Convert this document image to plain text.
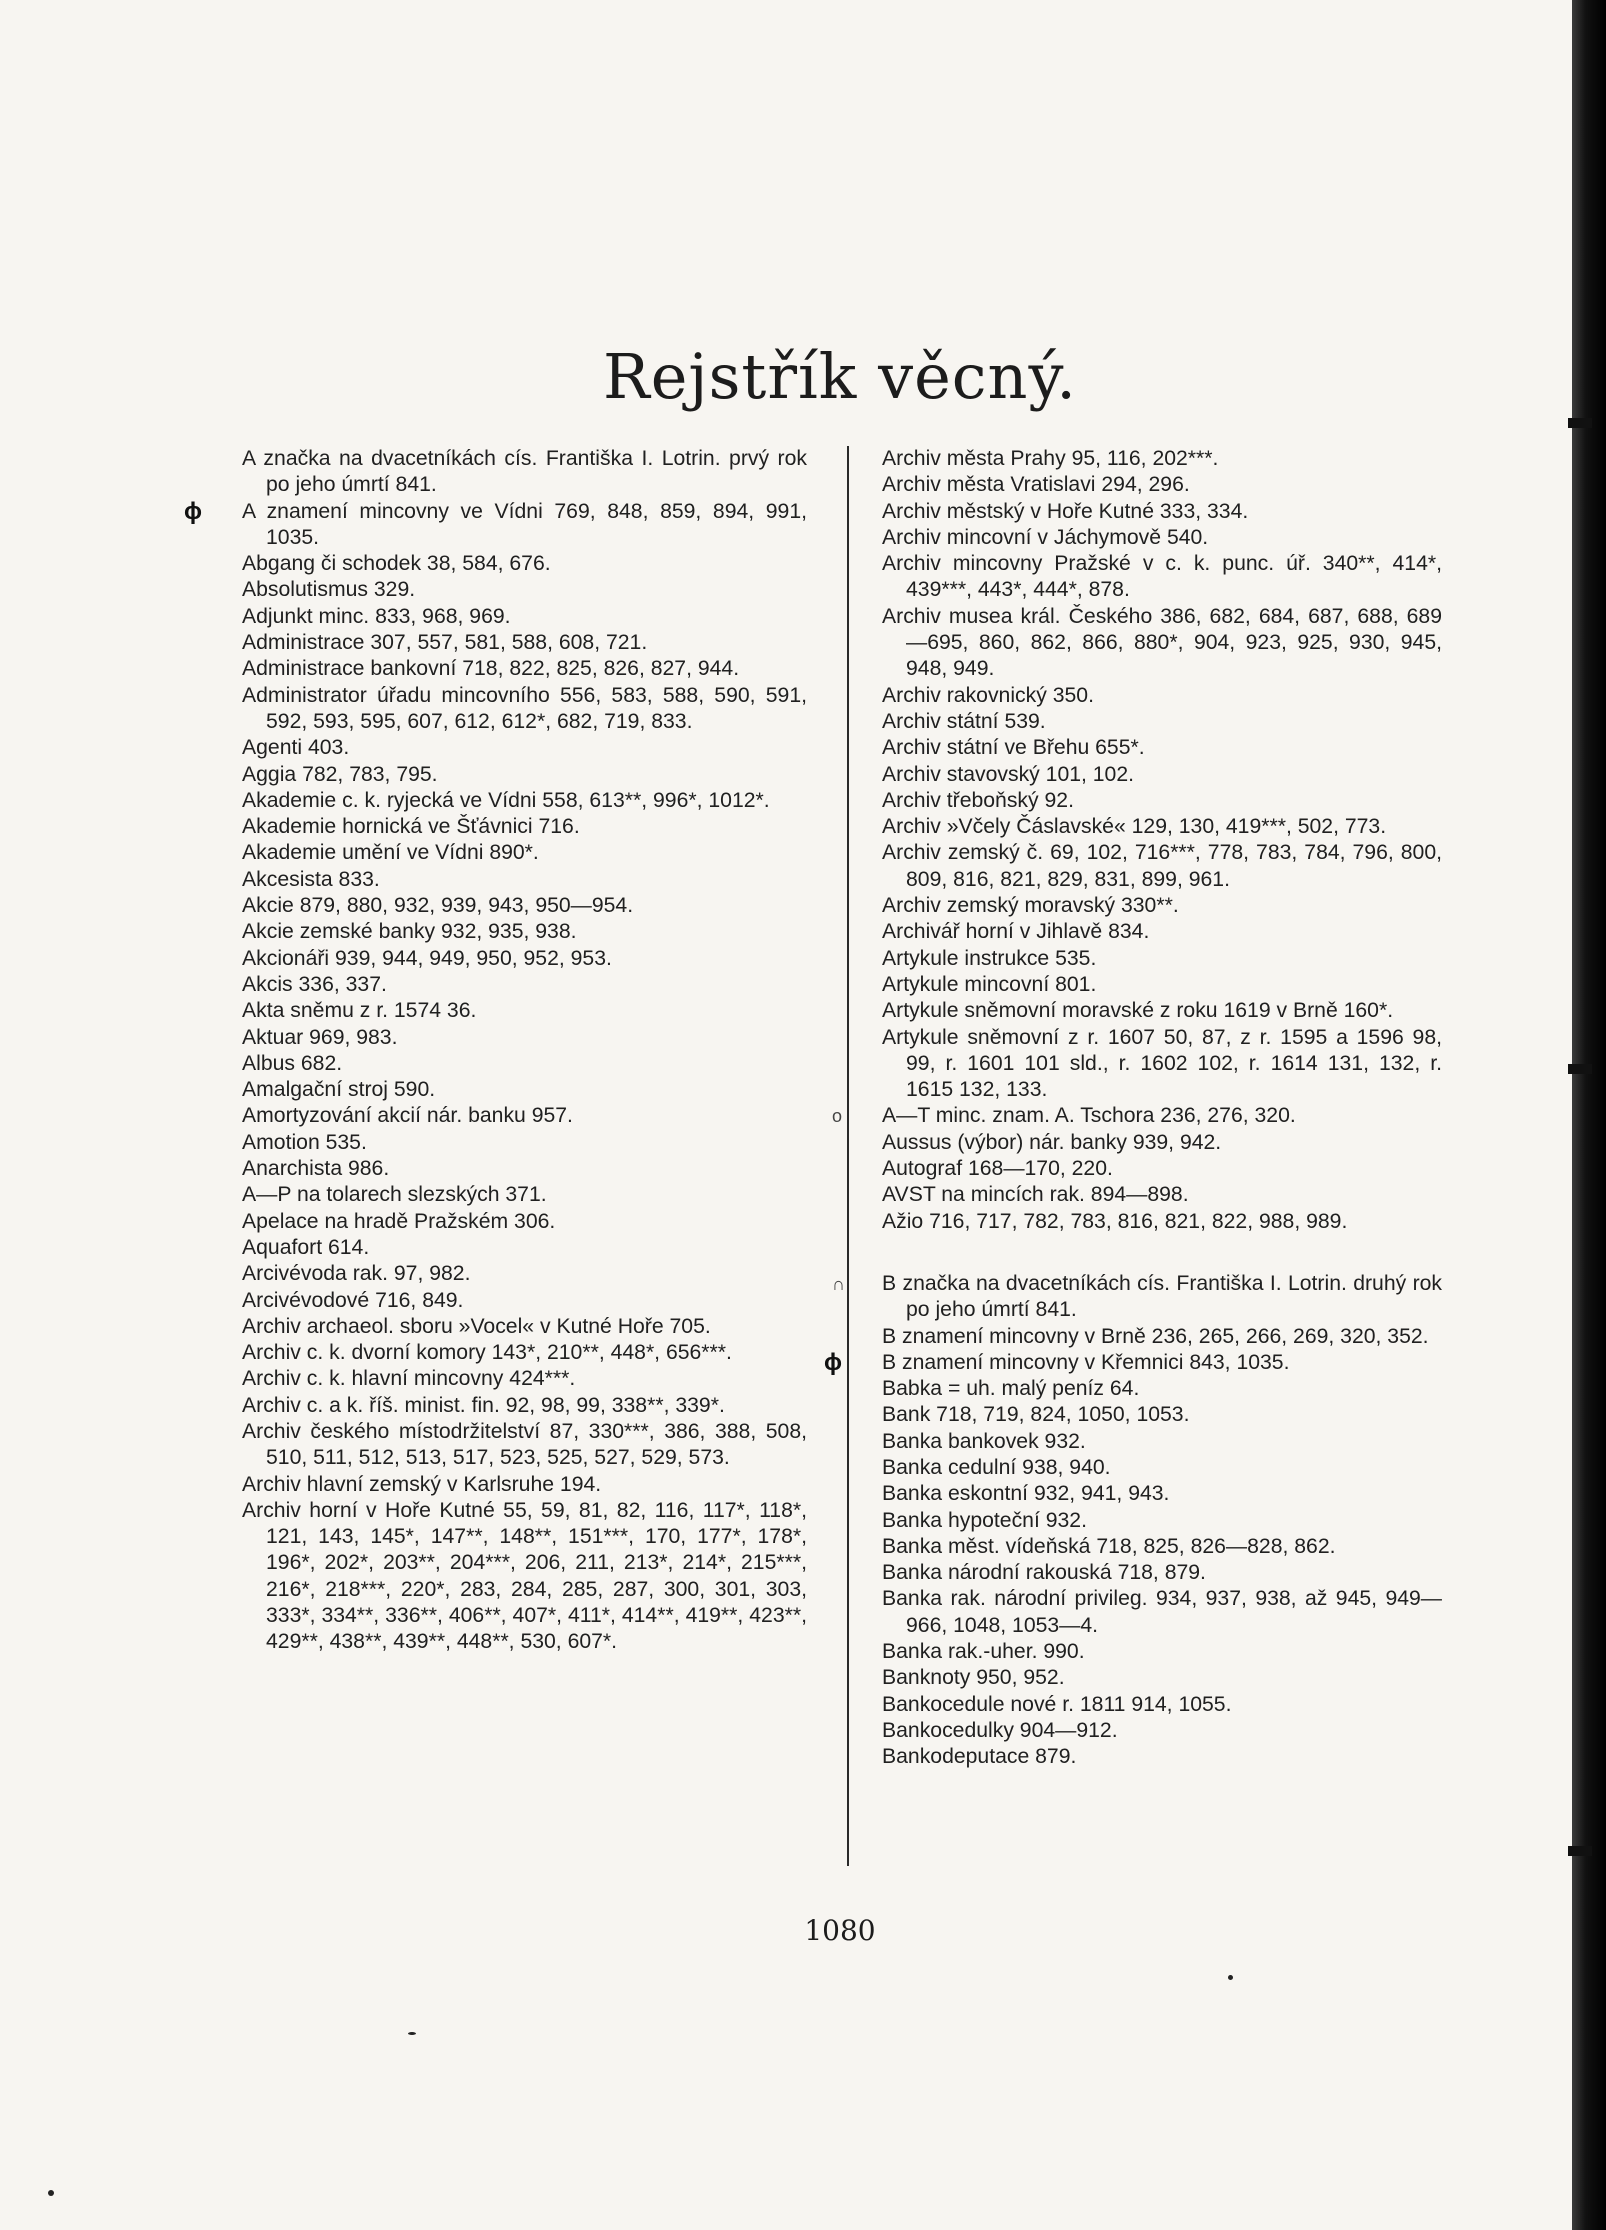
Rejstřík věcný.
A značka na dvacetníkách cís. Františka I. Lotrin. prvý rok po jeho úmrtí 841.
ɸ A znamení mincovny ve Vídni 769, 848, 859, 894, 991, 1035.
Abgang či schodek 38, 584, 676.
Absolutismus 329.
Adjunkt minc. 833, 968, 969.
Administrace 307, 557, 581, 588, 608, 721.
Administrace bankovní 718, 822, 825, 826, 827, 944.
Administrator úřadu mincovního 556, 583, 588, 590, 591, 592, 593, 595, 607, 612, 612*, 682, 719, 833.
Agenti 403.
Aggia 782, 783, 795.
Akademie c. k. ryjecká ve Vídni 558, 613**, 996*, 1012*.
Akademie hornická ve Šťávnici 716.
Akademie umění ve Vídni 890*.
Akcesista 833.
Akcie 879, 880, 932, 939, 943, 950—954.
Akcie zemské banky 932, 935, 938.
Akcionáři 939, 944, 949, 950, 952, 953.
Akcis 336, 337.
Akta sněmu z r. 1574 36.
Aktuar 969, 983.
Albus 682.
Amalgační stroj 590.
Amortyzování akcií nár. banku 957.
Amotion 535.
Anarchista 986.
A—P na tolarech slezských 371.
Apelace na hradě Pražském 306.
Aquafort 614.
Arcivévoda rak. 97, 982.
Arcivévodové 716, 849.
Archiv archaeol. sboru »Vocel« v Kutné Hoře 705.
Archiv c. k. dvorní komory 143*, 210**, 448*, 656***.
Archiv c. k. hlavní mincovny 424***.
Archiv c. a k. říš. minist. fin. 92, 98, 99, 338**, 339*.
Archiv českého místodržitelství 87, 330***, 386, 388, 508, 510, 511, 512, 513, 517, 523, 525, 527, 529, 573.
Archiv hlavní zemský v Karlsruhe 194.
Archiv horní v Hoře Kutné 55, 59, 81, 82, 116, 117*, 118*, 121, 143, 145*, 147**, 148**, 151***, 170, 177*, 178*, 196*, 202*, 203**, 204***, 206, 211, 213*, 214*, 215***, 216*, 218***, 220*, 283, 284, 285, 287, 300, 301, 303, 333*, 334**, 336**, 406**, 407*, 411*, 414**, 419**, 423**, 429**, 438**, 439**, 448**, 530, 607*.
Archiv města Prahy 95, 116, 202***.
Archiv města Vratislavi 294, 296.
Archiv městský v Hoře Kutné 333, 334.
Archiv mincovní v Jáchymově 540.
Archiv mincovny Pražské v c. k. punc. úř. 340**, 414*, 439***, 443*, 444*, 878.
Archiv musea král. Českého 386, 682, 684, 687, 688, 689—695, 860, 862, 866, 880*, 904, 923, 925, 930, 945, 948, 949.
Archiv rakovnický 350.
Archiv státní 539.
Archiv státní ve Břehu 655*.
Archiv stavovský 101, 102.
Archiv třeboňský 92.
Archiv »Včely Čáslavské« 129, 130, 419***, 502, 773.
Archiv zemský č. 69, 102, 716***, 778, 783, 784, 796, 800, 809, 816, 821, 829, 831, 899, 961.
Archiv zemský moravský 330**.
Archivář horní v Jihlavě 834.
Artykule instrukce 535.
Artykule mincovní 801.
Artykule sněmovní moravské z roku 1619 v Brně 160*.
Artykule sněmovní z r. 1607 50, 87, z r. 1595 a 1596 98, 99, r. 1601 101 sld., r. 1602 102, r. 1614 131, 132, r. 1615 132, 133.
o A—T minc. znam. A. Tschora 236, 276, 320.
Aussus (výbor) nár. banky 939, 942.
Autograf 168—170, 220.
AVST na mincích rak. 894—898.
Ažio 716, 717, 782, 783, 816, 821, 822, 988, 989.
∩ B značka na dvacetníkách cís. Františka I. Lotrin. druhý rok po jeho úmrtí 841.
B znamení mincovny v Brně 236, 265, 266, 269, 320, 352.
ɸ B znamení mincovny v Křemnici 843, 1035.
Babka = uh. malý peníz 64.
Bank 718, 719, 824, 1050, 1053.
Banka bankovek 932.
Banka cedulní 938, 940.
Banka eskontní 932, 941, 943.
Banka hypoteční 932.
Banka měst. vídeňská 718, 825, 826—828, 862.
Banka národní rakouská 718, 879.
Banka rak. národní privileg. 934, 937, 938, až 945, 949—966, 1048, 1053—4.
Banka rak.-uher. 990.
Banknoty 950, 952.
Bankocedule nové r. 1811 914, 1055.
Bankocedulky 904—912.
Bankodeputace 879.
1080
